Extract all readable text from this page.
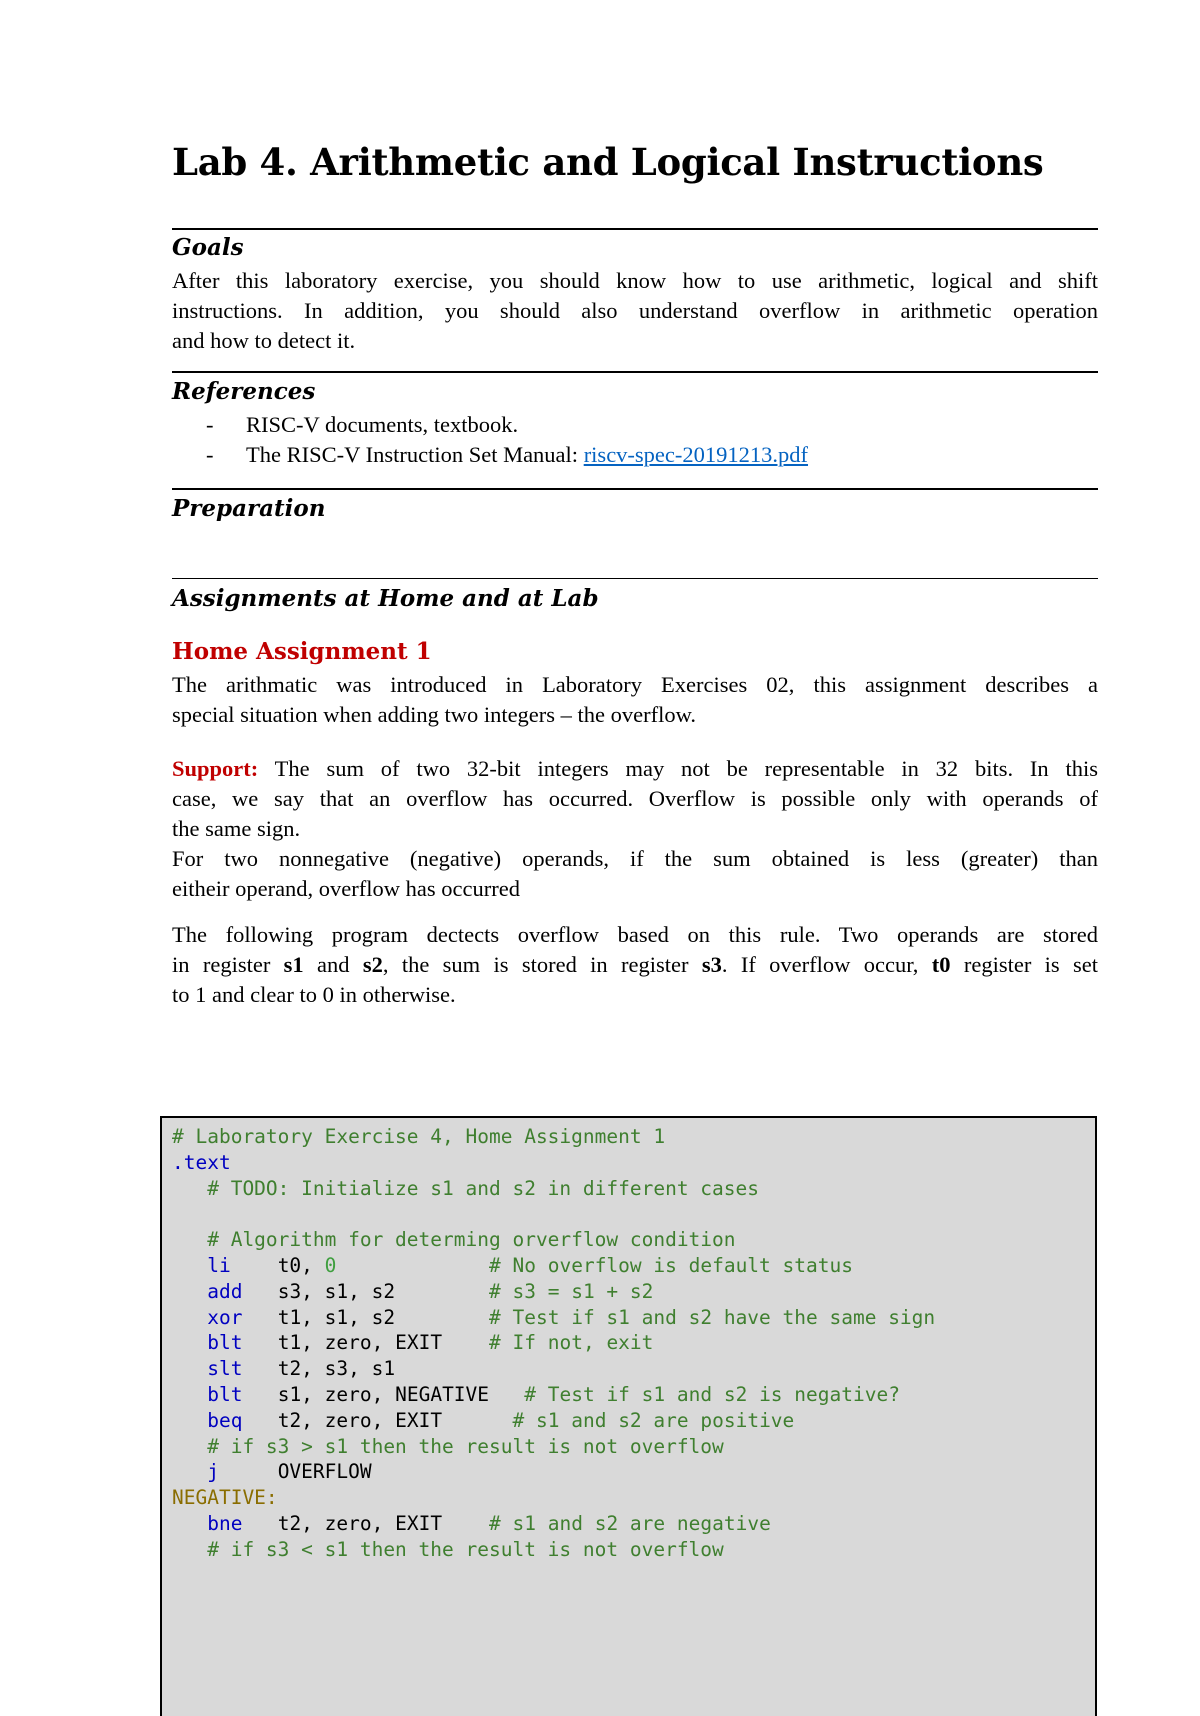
Lab 4. Arithmetic and Logical Instructions
Goals

After this laboratory exercise, you should know how to use arithmetic, logical and shift
instructions. In addition, you should also understand overflow in arithmetic operation
and how to detect it.

References
- RISC-V documents, textbook.
- The RISC-V Instruction Set Manual: riscv-spec-20191213.pdf
Preparation
Assignments at Home and at Lab
Home Assignment 1

The arithmatic was introduced in Laboratory Exercises 02, this assignment describes a
special situation when adding two integers – the overflow.

Support: The sum of two 32-bit integers may not be representable in 32 bits. In this
case, we say that an overflow has occurred. Overflow is possible only with operands of
the same sign.
For two nonnegative (negative) operands, if the sum obtained is less (greater) than
eitheir operand, overflow has occurred

The following program dectects overflow based on this rule. Two operands are stored
in register s1 and s2, the sum is stored in register s3. If overflow occur, t0 register is set
to 1 and clear to 0 in otherwise.

# Laboratory Exercise 4, Home Assignment 1
.text
# TODO: Initialize s1 and s2 in different cases
# Algorithm for determing orverflow condition
li t0, 0	# No overflow is default status
add s3, s1, s2	# s3 = s1 + s2
xor t1, s1, s2	# Test if s1 and s2 have the same sign
blt t1, zero, EXIT # If not, exit
slt t2, s3, s1
blt s1, zero, NEGATIVE # Test if s1 and s2 is negative?
beq t2, zero, EXIT	# s1 and s2 are positive
# if s3 > s1 then the result is not overflow
j	OVERFLOW
NEGATIVE:
bne t2, zero, EXIT # s1 and s2 are negative
# if s3 < s1 then the result is not overflow
